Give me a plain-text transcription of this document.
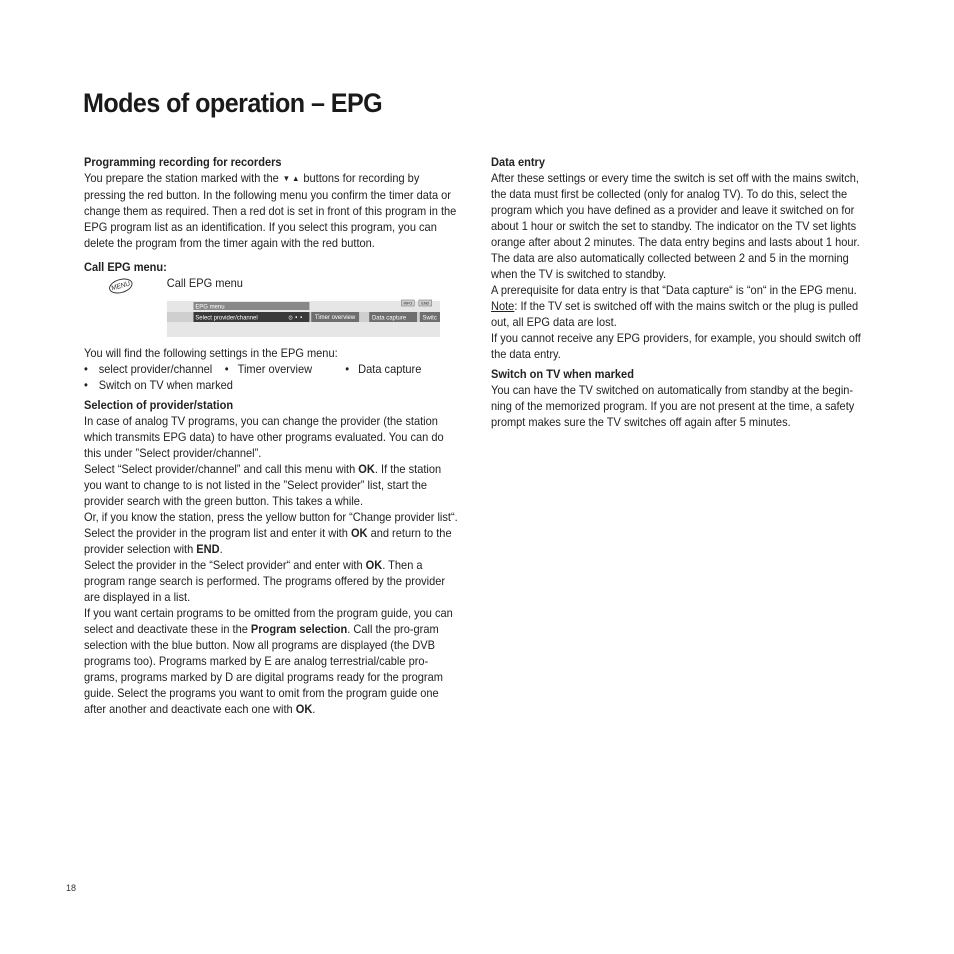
Modes of operation – EPG

Programming recording for recorders

You prepare the station marked with the ▼ ▲ buttons for recording by pressing the red button. In the following menu you confirm the timer data or change them as required. Then a red dot is set in front of this program in the EPG program list as an identification. If you select this program, you can delete the program from the timer again with the red button.

Call EPG menu:

MENU	Call EPG menu

You will find the following settings in the EPG menu:

• select provider/channel	• Timer overview	• Data capture
• Switch on TV when marked

Selection of provider/station

In case of analog TV programs, you can change the provider (the station which transmits EPG data) to have other programs evaluated. You can do this under ”Select provider/channel”.

Select “Select provider/channel” and call this menu with OK. If the station you want to change to is not listed in the ”Select provider” list, start the provider search with the green button. This takes a while.

Or, if you know the station, press the yellow button for “Change provider list“. Select the provider in the program list and enter it with OK and return to the provider selection with END.

Select the provider in the “Select provider“ and enter with OK. Then a program range search is performed. The programs offered by the provider are displayed in a list.

If you want certain programs to be omitted from the program guide, you can select and deactivate these in the Program selection. Call the pro-gram selection with the blue button. Now all programs are displayed (the DVB programs too). Programs marked by E are analog terrestrial/cable pro-grams, programs marked by D are digital programs ready for the program guide. Select the programs you want to omit from the program guide one after another and deactivate each one with OK.

EPG menu	INFO END
Select provider/channel	⊙ • • Timer overview	Data capture	Switc

Data entry

After these settings or every time the switch is set off with the mains switch, the data must first be collected (only for analog TV). To do this, select the program which you have defined as a provider and leave it switched on for about 1 hour or switch the set to standby. The indicator on the TV set lights orange after about 2 minutes. The data entry begins and lasts about 1 hour. The data are also automatically collected between 2 and 5 in the morning when the TV is switched to standby.

A prerequisite for data entry is that “Data capture“ is “on“ in the EPG menu.

Note: If the TV set is switched off with the mains switch or the plug is pulled out, all EPG data are lost.

If you cannot receive any EPG providers, for example, you should switch off the data entry.

Switch on TV when marked

You can have the TV switched on automatically from standby at the begin-ning of the memorized program. If you are not present at the time, a safety prompt makes sure the TV switches off again after 5 minutes.

18
